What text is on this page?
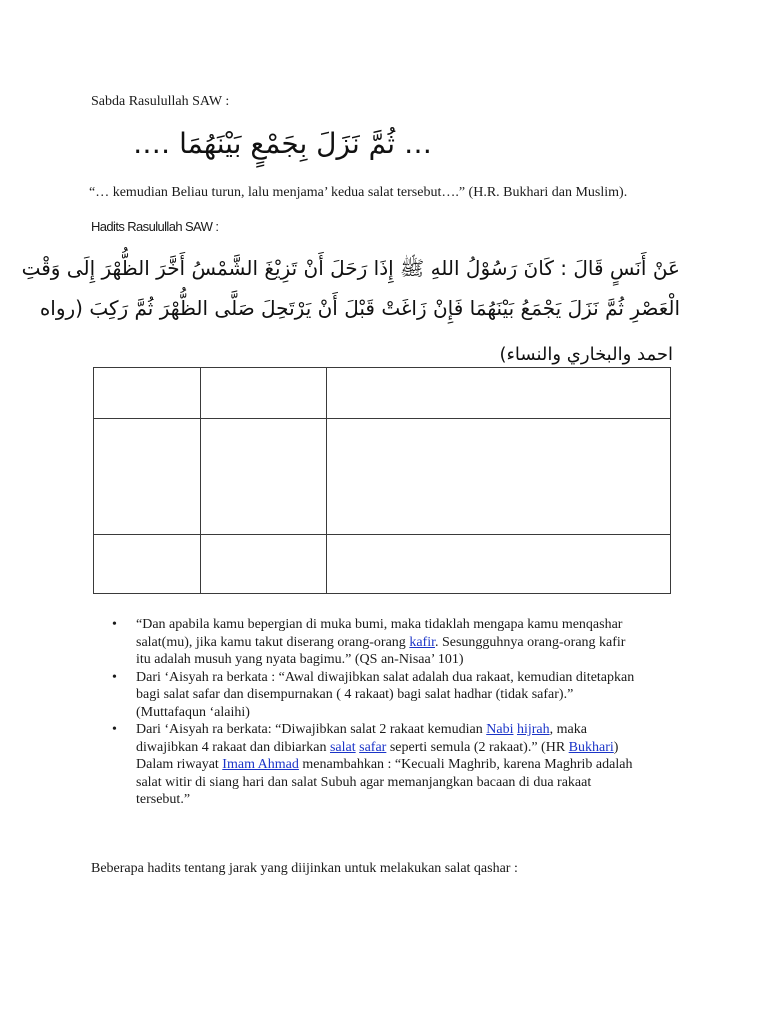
Sabda Rasulullah SAW :
… ثُمَّ نَزَلَ بِجَمْعٍ بَيْنَهُمَا ….
“… kemudian Beliau turun, lalu menjama’ kedua salat tersebut….” (H.R. Bukhari dan Muslim).
Hadits Rasulullah SAW :
عَنْ أَنَسٍ قَالَ : كَانَ رَسُوْلُ اللهِ ﷺ إِذَا رَحَلَ أَنْ تَزِيْغَ الشَّمْسُ أَخَّرَ الظُّهْرَ إِلَى وَقْتِ
الْعَصْرِ ثُمَّ نَزَلَ يَجْمَعُ بَيْنَهُمَا فَإِنْ زَاغَتْ قَبْلَ أَنْ يَرْتَحِلَ صَلَّى الظُّهْرَ ثُمَّ رَكِبَ (رواه
احمد والبخاري والنساء)

• “Dan apabila kamu bepergian di muka bumi, maka tidaklah mengapa kamu menqashar
salat(mu), jika kamu takut diserang orang-orang kafir. Sesungguhnya orang-orang kafir
itu adalah musuh yang nyata bagimu.” (QS an-Nisaa’ 101)
• Dari ‘Aisyah ra berkata : “Awal diwajibkan salat adalah dua rakaat, kemudian ditetapkan
bagi salat safar dan disempurnakan ( 4 rakaat) bagi salat hadhar (tidak safar).”
(Muttafaqun ‘alaihi)
• Dari ‘Aisyah ra berkata: “Diwajibkan salat 2 rakaat kemudian Nabi hijrah, maka
diwajibkan 4 rakaat dan dibiarkan salat safar seperti semula (2 rakaat).” (HR Bukhari)
Dalam riwayat Imam Ahmad menambahkan : “Kecuali Maghrib, karena Maghrib adalah
salat witir di siang hari dan salat Subuh agar memanjangkan bacaan di dua rakaat
tersebut.”
Beberapa hadits tentang jarak yang diijinkan untuk melakukan salat qashar :
